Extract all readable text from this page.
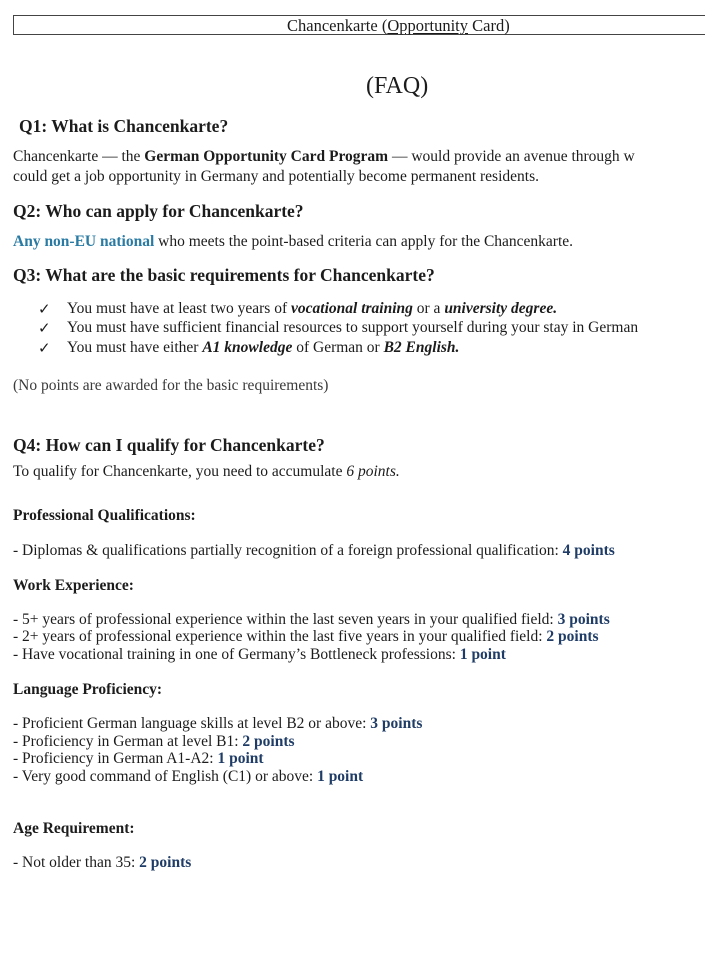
Chancenkarte (Opportunity Card)
(FAQ)
Q1: What is Chancenkarte?
Chancenkarte — the German Opportunity Card Program — would provide an avenue through w
could get a job opportunity in Germany and potentially become permanent residents.
Q2: Who can apply for Chancenkarte?
Any non-EU national who meets the point-based criteria can apply for the Chancenkarte.
Q3: What are the basic requirements for Chancenkarte?
✓ You must have at least two years of vocational training or a university degree.
✓ You must have sufficient financial resources to support yourself during your stay in German
✓ You must have either A1 knowledge of German or B2 English.
(No points are awarded for the basic requirements)
Q4: How can I qualify for Chancenkarte?
To qualify for Chancenkarte, you need to accumulate 6 points.
Professional Qualifications:
- Diplomas & qualifications partially recognition of a foreign professional qualification: 4 points
Work Experience:
- 5+ years of professional experience within the last seven years in your qualified field: 3 points
- 2+ years of professional experience within the last five years in your qualified field: 2 points
- Have vocational training in one of Germany’s Bottleneck professions: 1 point
Language Proficiency:
- Proficient German language skills at level B2 or above: 3 points
- Proficiency in German at level B1: 2 points
- Proficiency in German A1-A2: 1 point
- Very good command of English (C1) or above: 1 point
Age Requirement:
- Not older than 35: 2 points
